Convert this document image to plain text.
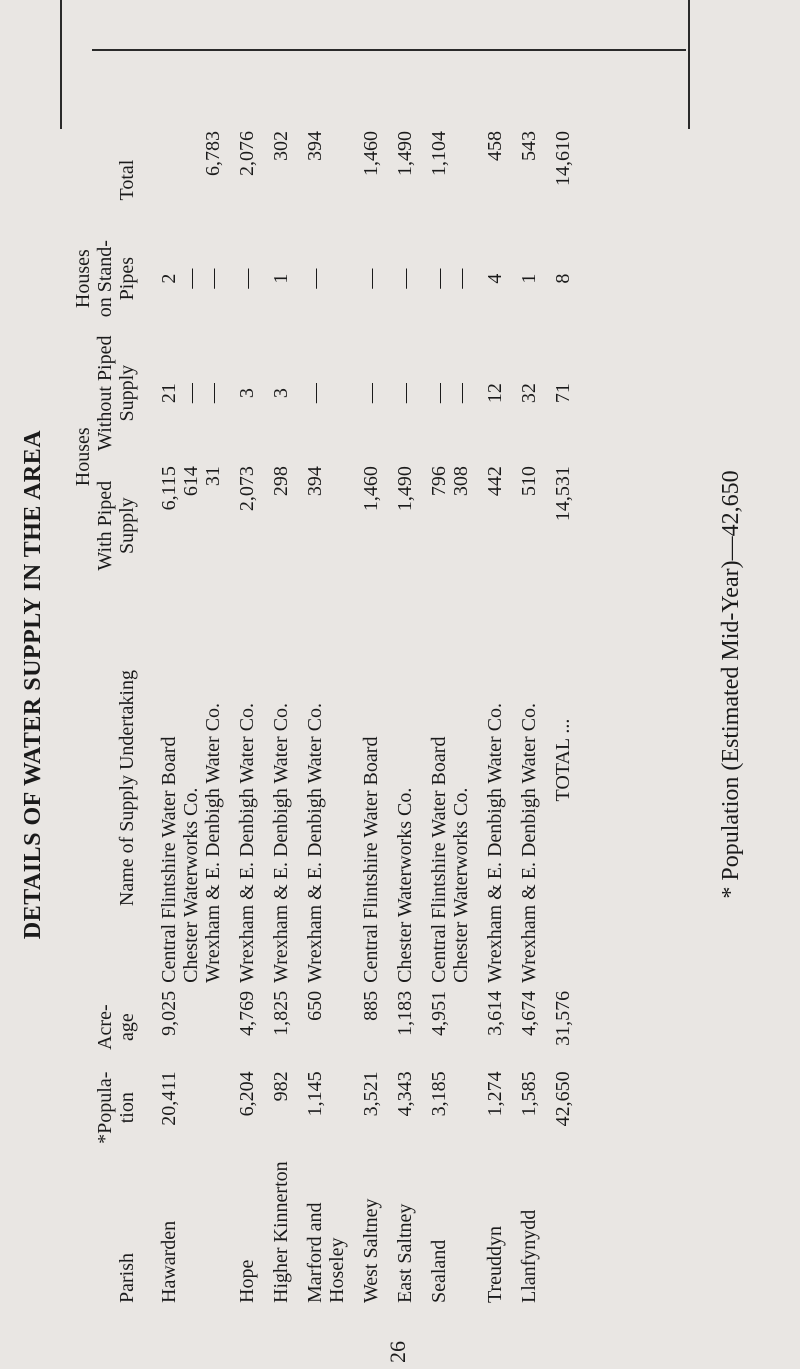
DETAILS OF WATER SUPPLY IN THE AREA
26
Parish	*Popula- tion	Acre- age	Name of Supply Undertaking	Houses		Houses on Stand- Pipes	Total
				With Piped Supply	Without Piped Supply		

Hawarden	20,411	9,025	Central Flintshire Water Board	6,115	21	2	
			Chester Waterworks Co.	614	—	—	
			Wrexham & E. Denbigh Water Co.	31	—	—	6,783

Hope	6,204	4,769	Wrexham & E. Denbigh Water Co.	2,073	3	—	2,076

Higher Kinnerton	982	1,825	Wrexham & E. Denbigh Water Co.	298	3	1	302

Marford and Hoseley	1,145	650	Wrexham & E. Denbigh Water Co.	394	—	—	394

West Saltney	3,521	885	Central Flintshire Water Board	1,460	—	—	1,460

East Saltney	4,343	1,183	Chester Waterworks Co.	1,490	—	—	1,490

Sealand	3,185	4,951	Central Flintshire Water Board	796	—	—	1,104
			Chester Waterworks Co.	308	—	—	

Treuddyn	1,274	3,614	Wrexham & E. Denbigh Water Co.	442	12	4	458

Llanfynydd	1,585	4,674	Wrexham & E. Denbigh Water Co.	510	32	1	543
	42,650	31,576	TOTAL ...	14,531	71	8	14,610
* Population (Estimated Mid-Year)—42,650
